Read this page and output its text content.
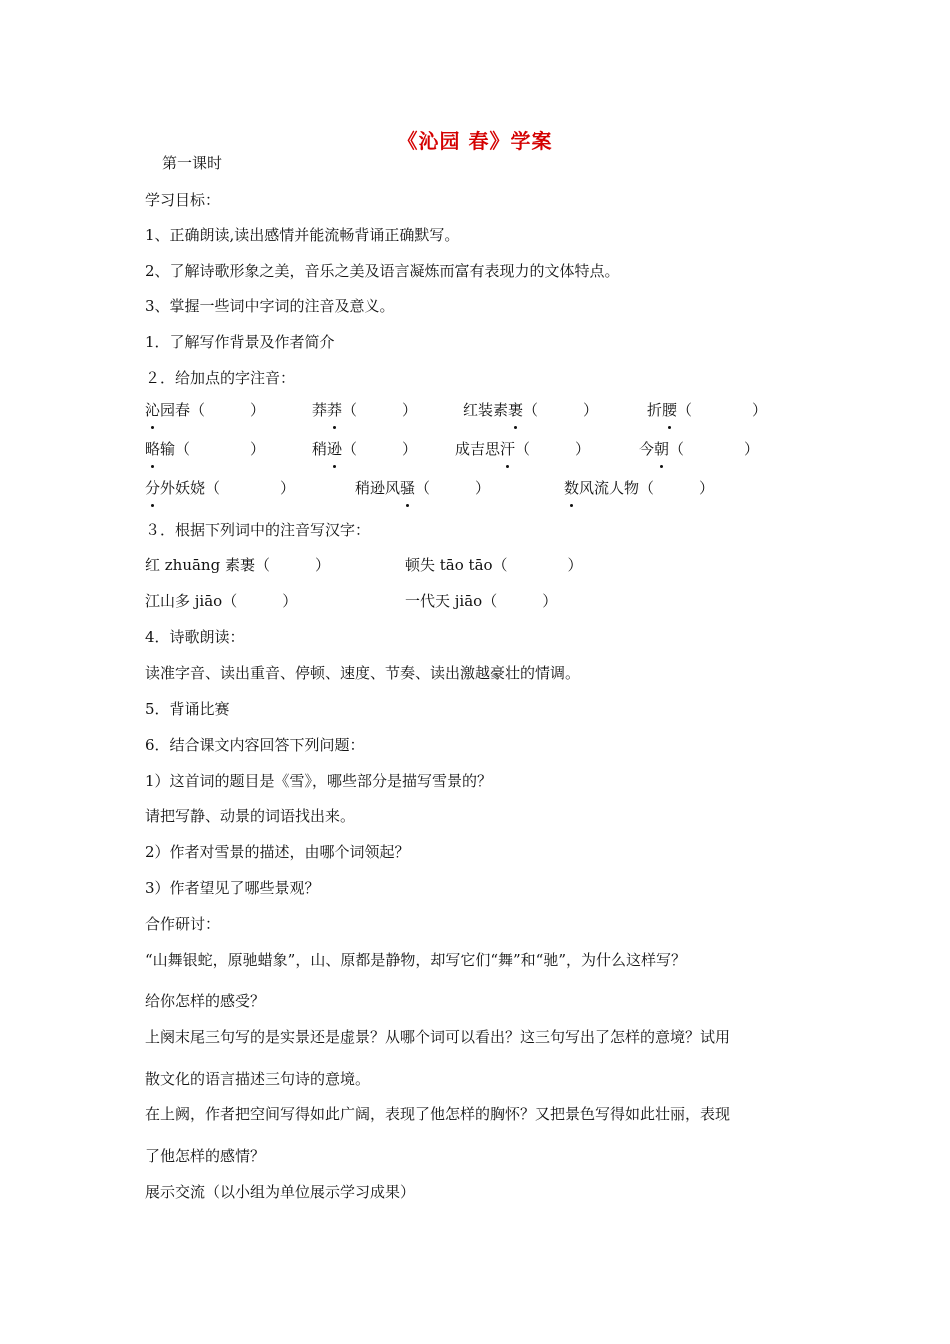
《沁园 春》学案
第一课时
学习目标：
1、正确朗读,读出感情并能流畅背诵正确默写。
2、了解诗歌形象之美，音乐之美及语言凝炼而富有表现力的文体特点。
3、掌握一些词中字词的注音及意义。
1．了解写作背景及作者简介
２．给加点的字注音：
沁园春（　　　）	莽莽（　　　）	红装素裹（　　　）	折腰（　　　　）
略输（　　　　）	稍逊（　　　）	成吉思汗（　　　）	今朝（　　　　）
分外妖娆（　　　　）	稍逊风骚（　　　）	数风流人物（　　　）
３．根据下列词中的注音写汉字：
红 zhuāng 素裹（　　　）	顿失 tāo tāo（　　　　）
江山多 jiāo（　　　）	一代天 jiāo（　　　）
4．诗歌朗读：
读准字音、读出重音、停顿、速度、节奏、读出激越豪壮的情调。
5．背诵比赛
6．结合课文内容回答下列问题：
1）这首词的题目是《雪》，哪些部分是描写雪景的？
请把写静、动景的词语找出来。
2）作者对雪景的描述，由哪个词领起？
3）作者望见了哪些景观？
合作研讨：
“山舞银蛇，原驰蜡象”，山、原都是静物，却写它们“舞”和“驰”，为什么这样写？
给你怎样的感受？
上阕末尾三句写的是实景还是虚景？从哪个词可以看出？这三句写出了怎样的意境？试用
散文化的语言描述三句诗的意境。
在上阙，作者把空间写得如此广阔，表现了他怎样的胸怀？又把景色写得如此壮丽，表现
了他怎样的感情？
展示交流（以小组为单位展示学习成果）
